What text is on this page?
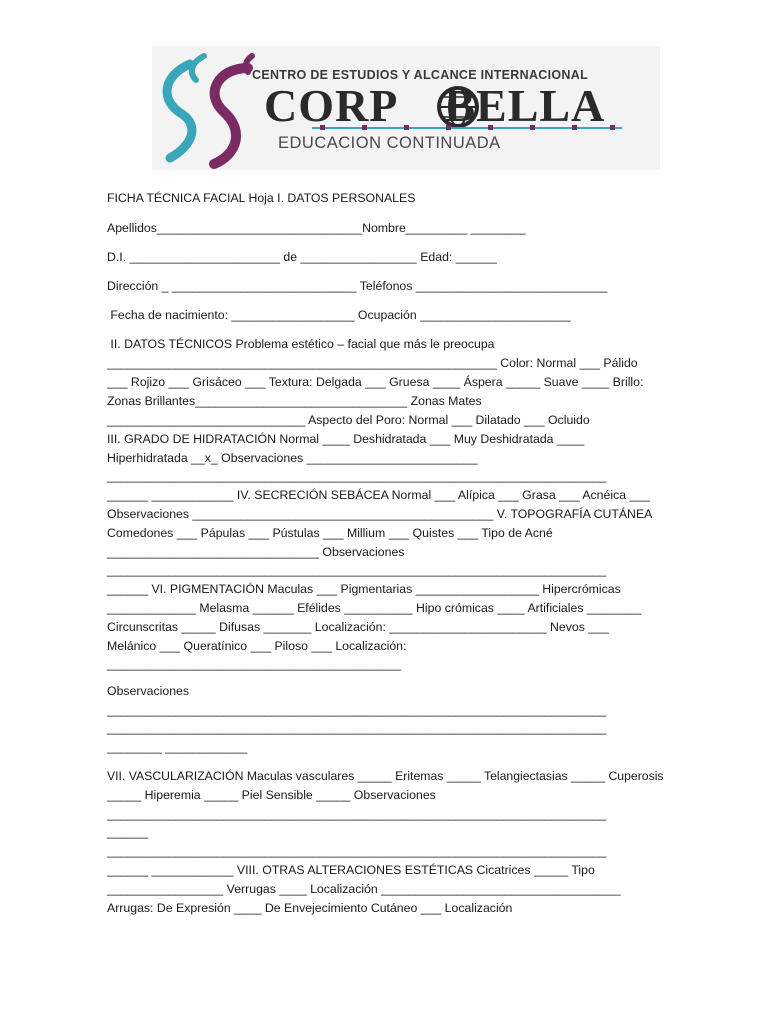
CENTRO DE ESTUDIOS Y ALCANCE INTERNACIONAL
CORP BELLA
EDUCACION CONTINUADA
FICHA TÉCNICA FACIAL Hoja I. DATOS PERSONALES
Apellidos______________________________Nombre_________ ________
D.I. ______________________ de _________________ Edad: ______
Dirección _ ___________________________ Teléfonos ____________________________
Fecha de nacimiento: __________________ Ocupación ______________________
II. DATOS TÉCNICOS Problema estético – facial que más le preocupa
_________________________________________________________ Color: Normal ___ Pálido
___ Rojizo ___ Grisáceo ___ Textura: Delgada ___ Gruesa ____ Áspera _____ Suave ____ Brillo:
Zonas Brillantes_______________________________ Zonas Mates
_____________________________ Aspecto del Poro: Normal ___ Dilatado ___ Ocluido
III. GRADO DE HIDRATACIÓN Normal ____ Deshidratada ___ Muy Deshidratada ____
Hiperhidratada __x_ Observaciones _________________________
_________________________________________________________________________
______ ____________ IV. SECRECIÓN SEBÁCEA Normal ___ Alípica ___ Grasa ___ Acnéica ___
Observaciones ____________________________________________ V. TOPOGRAFÍA CUTÁNEA
Comedones ___ Pápulas ___ Pústulas ___ Millium ___ Quistes ___ Tipo de Acné
_______________________________ Observaciones
_________________________________________________________________________
______ VI. PIGMENTACIÓN Maculas ___ Pigmentarias __________________ Hipercrómicas
_____________ Melasma ______ Efélides __________ Hipo crómicas ____ Artificiales ________
Circunscritas _____ Difusas _______ Localización: _______________________ Nevos ___
Melánico ___ Queratínico ___ Piloso ___ Localización:
___________________________________________
Observaciones
_________________________________________________________________________
_________________________________________________________________________
________ ____________
VII. VASCULARIZACIÓN Maculas vasculares _____ Eritemas _____ Telangiectasias _____ Cuperosis
_____ Hiperemia _____ Piel Sensible _____ Observaciones
_________________________________________________________________________
______
_________________________________________________________________________
______ ____________ VIII. OTRAS ALTERACIONES ESTÉTICAS Cicatrices _____ Tipo
_________________ Verrugas ____ Localización ___________________________________
Arrugas: De Expresión ____ De Envejecimiento Cutáneo ___ Localización
